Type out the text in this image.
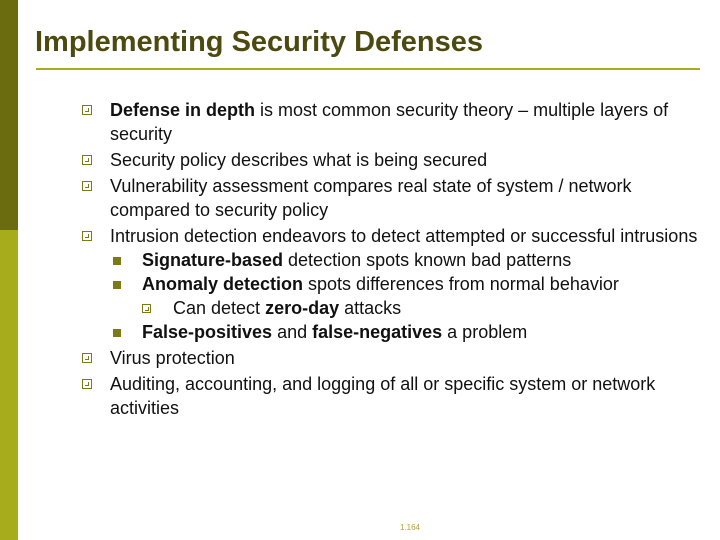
Implementing Security Defenses
Defense in depth is most common security theory – multiple layers of security
Security policy describes what is being secured
Vulnerability assessment compares real state of system / network compared to security policy
Intrusion detection endeavors to detect attempted or successful intrusions
Signature-based detection spots known bad patterns
Anomaly detection spots differences from normal behavior
Can detect zero-day attacks
False-positives and false-negatives a problem
Virus protection
Auditing, accounting, and logging of all or specific system or network activities
1.164
